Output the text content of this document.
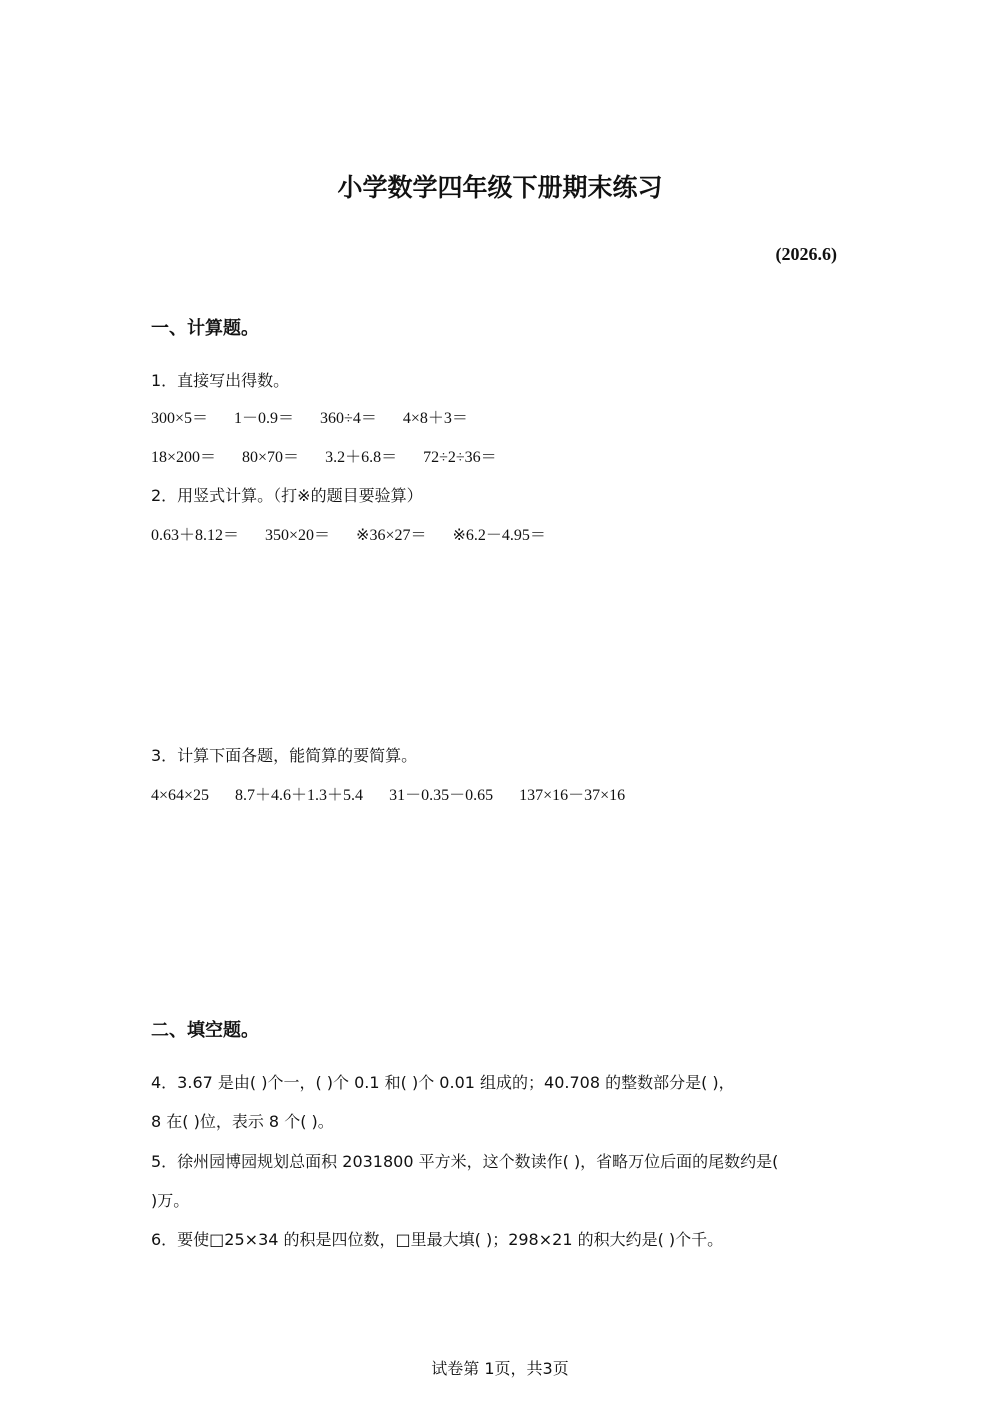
小学数学四年级下册期末练习
(2026.6)
一、计算题。
1．直接写出得数。
300×5＝ 1－0.9＝ 360÷4＝ 4×8＋3＝
18×200＝ 80×70＝ 3.2＋6.8＝ 72÷2÷36＝
2．用竖式计算。（打※的题目要验算）
0.63＋8.12＝ 350×20＝ ※36×27＝ ※6.2－4.95＝
3．计算下面各题，能简算的要简算。
4×64×25 8.7＋4.6＋1.3＋5.4 31－0.35－0.65 137×16－37×16
二、填空题。
4．3.67 是由( )个一，( )个 0.1 和( )个 0.01 组成的；40.708 的整数部分是( )，
8 在( )位，表示 8 个( )。
5．徐州园博园规划总面积 2031800 平方米，这个数读作( )，省略万位后面的尾数约是(
)万。
6．要使□25×34 的积是四位数，□里最大填( )；298×21 的积大约是( )个千。
试卷第 1页，共3页
